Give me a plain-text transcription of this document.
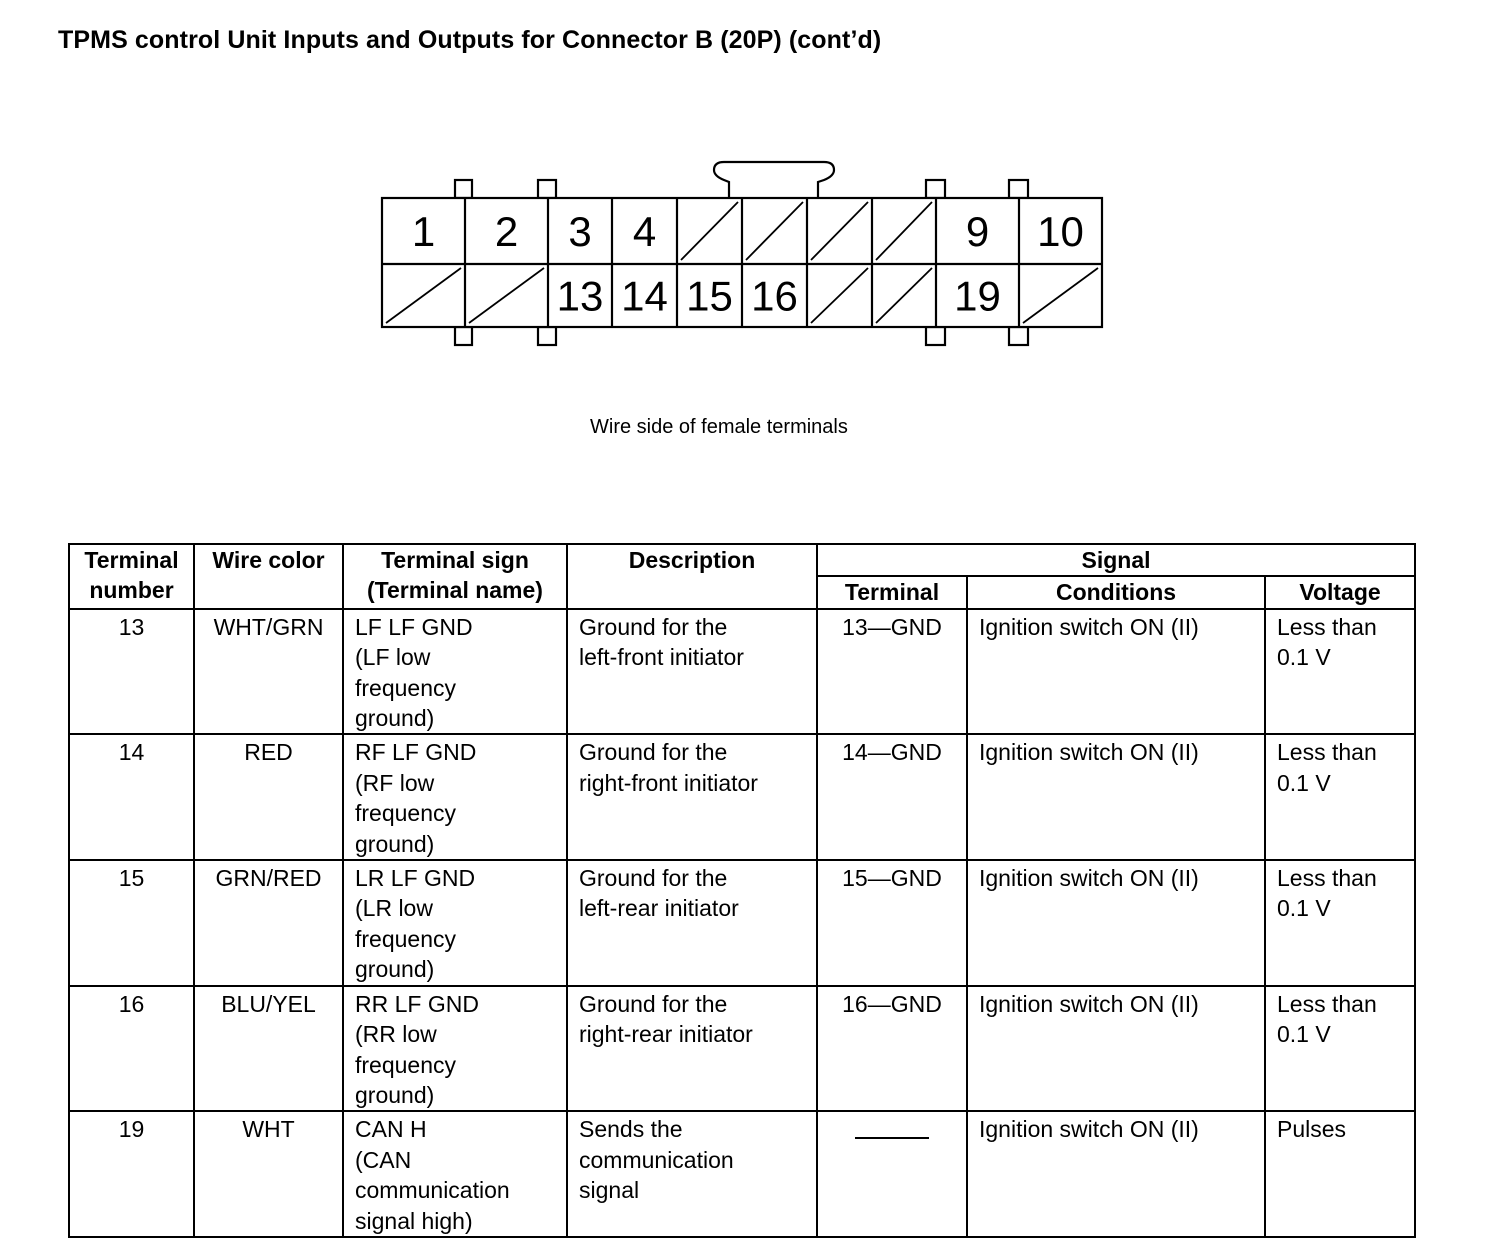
TPMS control Unit Inputs and Outputs for Connector B (20P) (cont’d)
1 2 3 4	9 10
13 14 15 16	19
Wire side of female terminals
Terminal
number	Wire color	Terminal sign
(Terminal name)	Description	Signal		
				Terminal	Conditions	Voltage
13	WHT/GRN	LF LF GND
(LF low
frequency
ground)	Ground for the
left-front initiator	13—GND	Ignition switch ON (II)	Less than
0.1 V

14	RED	RF LF GND
(RF low
frequency
ground)	Ground for the
right-front initiator	14—GND	Ignition switch ON (II)	Less than
0.1 V

15	GRN/RED	LR LF GND
(LR low
frequency
ground)	Ground for the
left-rear initiator	15—GND	Ignition switch ON (II)	Less than
0.1 V

16	BLU/YEL	RR LF GND
(RR low
frequency
ground)	Ground for the
right-rear initiator	16—GND	Ignition switch ON (II)	Less than
0.1 V

19	WHT	CAN H
(CAN
communication
signal high)	Sends the
communication
signal		Ignition switch ON (II)	Pulses
